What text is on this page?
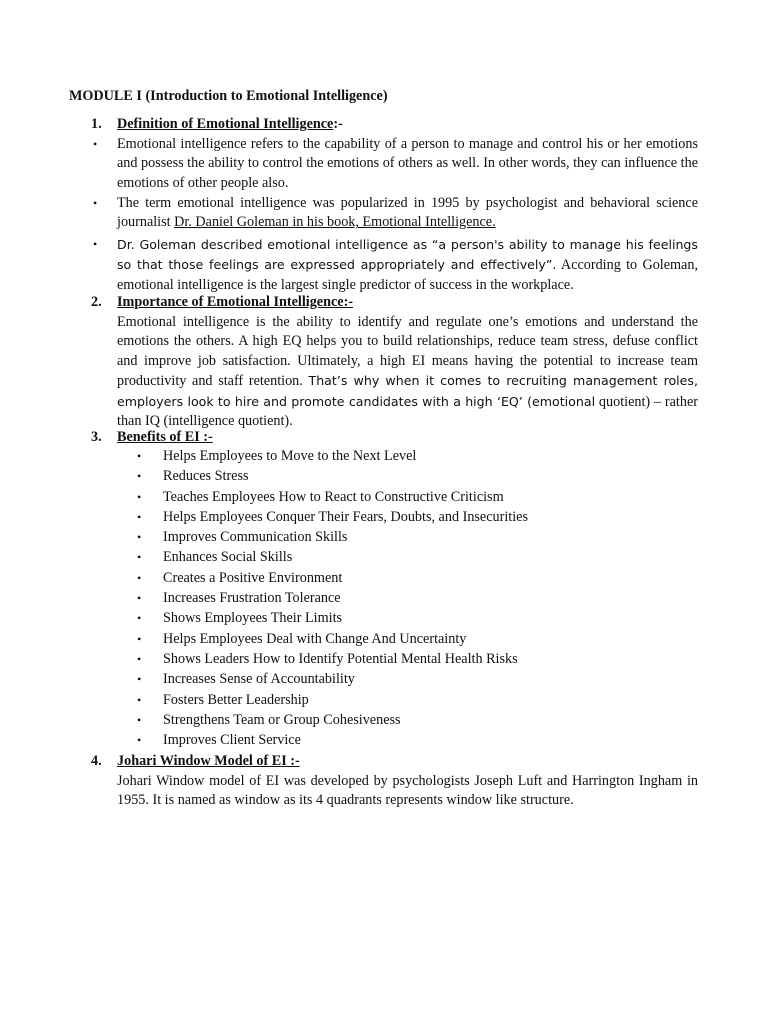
MODULE I (Introduction to Emotional Intelligence)

1. Definition of Emotional Intelligence:-

• Emotional intelligence refers to the capability of a person to manage and control his or her emotions and possess the ability to control the emotions of others as well. In other words, they can influence the emotions of other people also.
• The term emotional intelligence was popularized in 1995 by psychologist and behavioral science journalist Dr. Daniel Goleman in his book, Emotional Intelligence.
• Dr. Goleman described emotional intelligence as “a person's ability to manage his feelings so that those feelings are expressed appropriately and effectively”. According to Goleman, emotional intelligence is the largest single predictor of success in the workplace.

2. Importance of Emotional Intelligence:-

Emotional intelligence is the ability to identify and regulate one’s emotions and understand the emotions the others. A high EQ helps you to build relationships, reduce team stress, defuse conflict and improve job satisfaction. Ultimately, a high EI means having the potential to increase team productivity and staff retention. That’s why when it comes to recruiting management roles, employers look to hire and promote candidates with a high ‘EQ’ (emotional quotient) – rather than IQ (intelligence quotient).

3. Benefits of EI :-

• Helps Employees to Move to the Next Level
• Reduces Stress
• Teaches Employees How to React to Constructive Criticism
• Helps Employees Conquer Their Fears, Doubts, and Insecurities
• Improves Communication Skills
• Enhances Social Skills
• Creates a Positive Environment
• Increases Frustration Tolerance
• Shows Employees Their Limits
• Helps Employees Deal with Change And Uncertainty
• Shows Leaders How to Identify Potential Mental Health Risks
• Increases Sense of Accountability
• Fosters Better Leadership
• Strengthens Team or Group Cohesiveness
• Improves Client Service

4. Johari Window Model of EI :-

Johari Window model of EI was developed by psychologists Joseph Luft and Harrington Ingham in 1955. It is named as window as its 4 quadrants represents window like structure.
